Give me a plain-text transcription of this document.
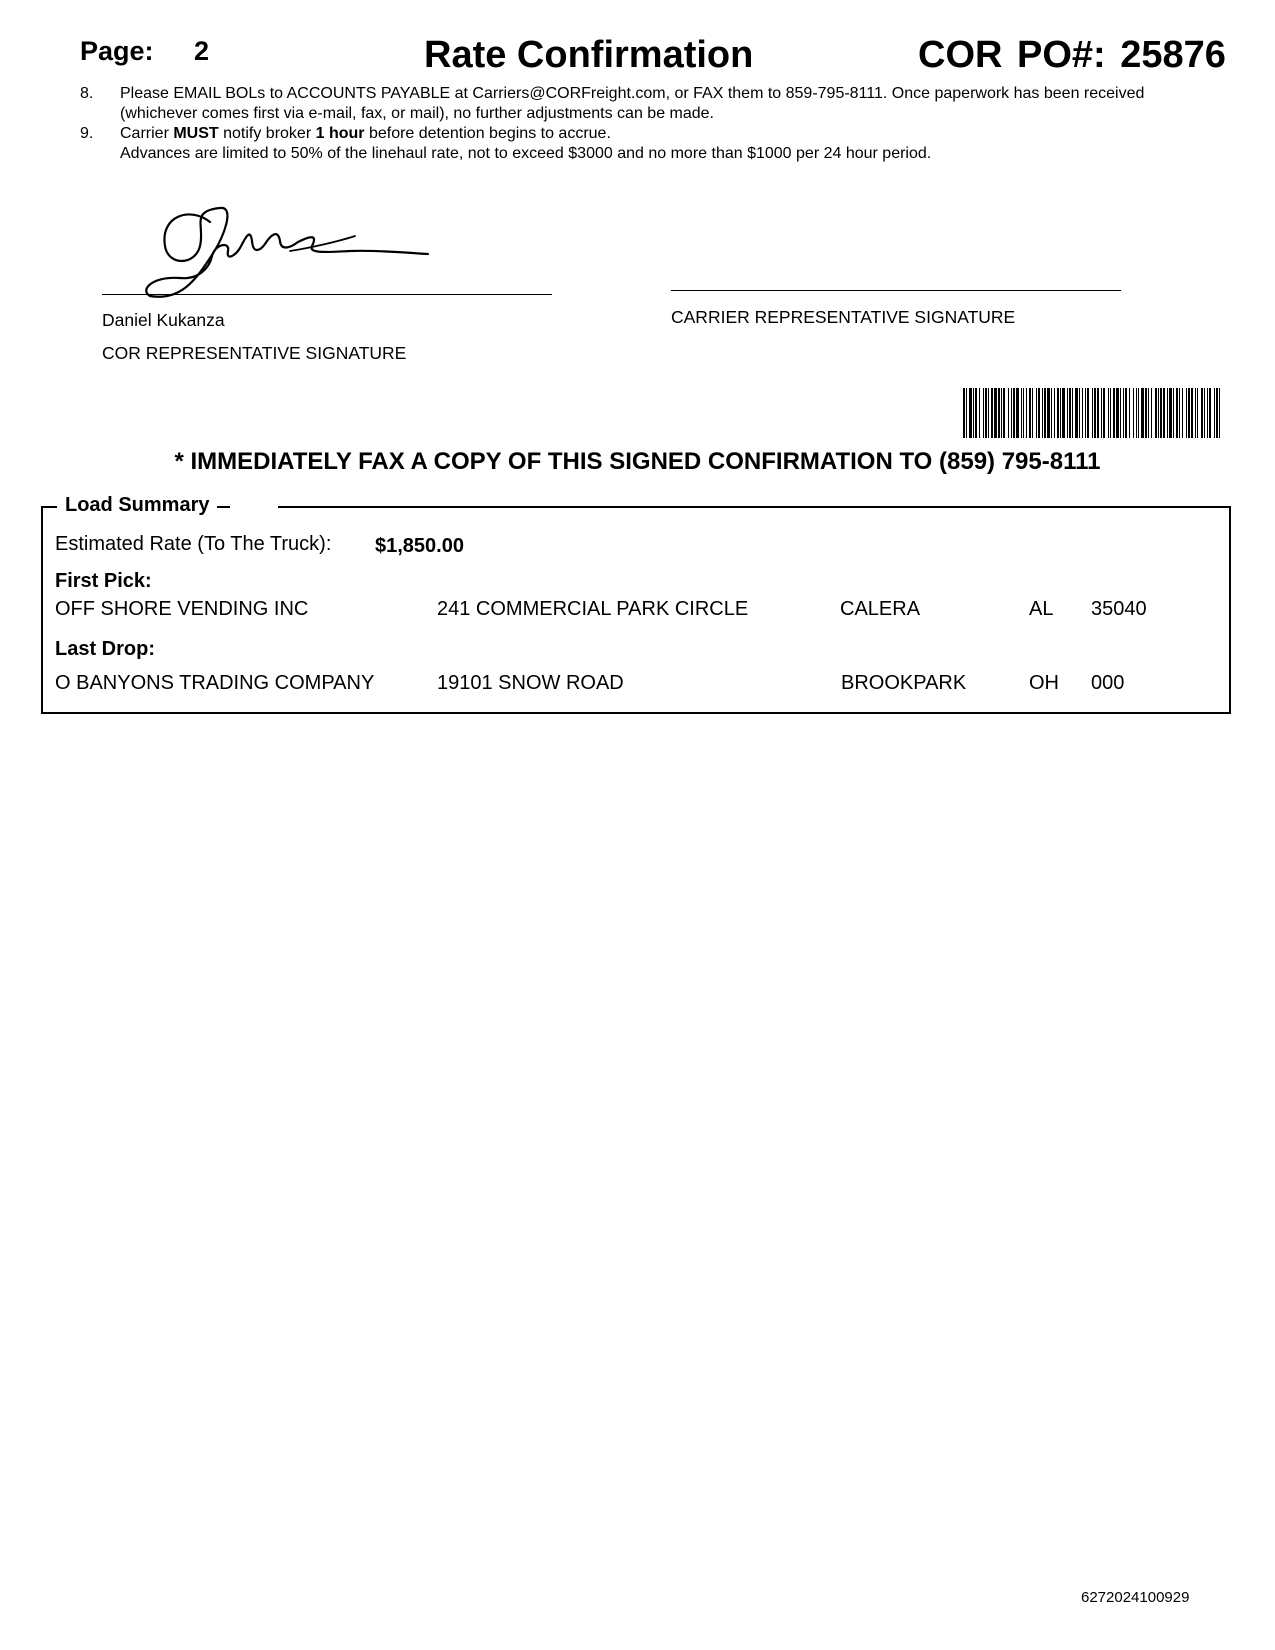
Page: 2	Rate Confirmation	COR PO#: 25876
8. Please EMAIL BOLs to ACCOUNTS PAYABLE at Carriers@CORFreight.com, or FAX them to 859-795-8111. Once paperwork has been received (whichever comes first via e-mail, fax, or mail), no further adjustments can be made.
9. Carrier MUST notify broker 1 hour before detention begins to accrue.
Advances are limited to 50% of the linehaul rate, not to exceed $3000 and no more than $1000 per 24 hour period.
Daniel Kukanza
COR REPRESENTATIVE SIGNATURE
CARRIER REPRESENTATIVE SIGNATURE
* IMMEDIATELY FAX A COPY OF THIS SIGNED CONFIRMATION TO (859) 795-8111
Load Summary
Estimated Rate (To The Truck): $1,850.00
First Pick:
OFF SHORE VENDING INC	241 COMMERCIAL PARK CIRCLE	CALERA	AL 35040
Last Drop:
O BANYONS TRADING COMPANY	19101 SNOW ROAD	BROOKPARK	OH 000
6272024100929
